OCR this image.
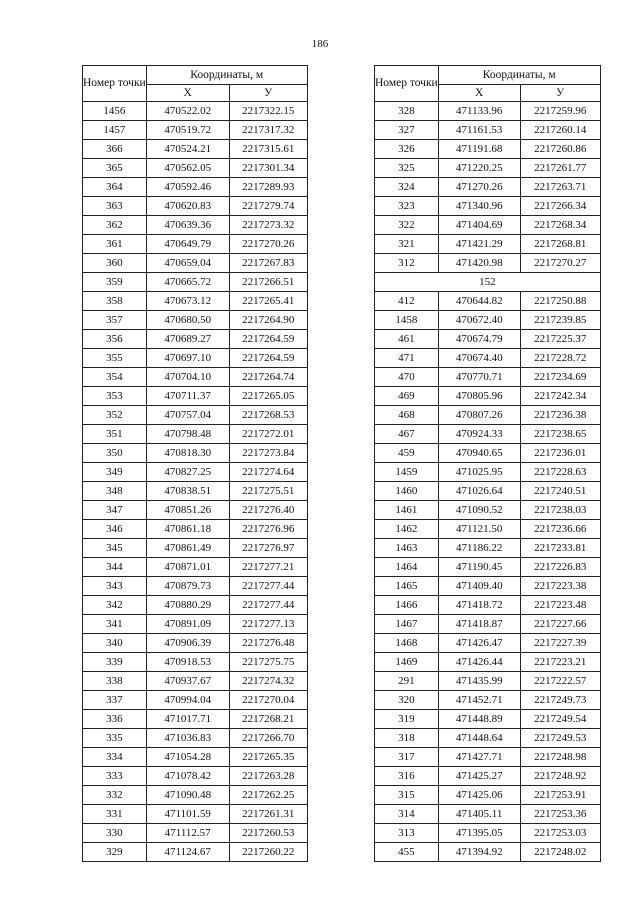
186
Номер точки	Координаты, м	
	Х	У
1456	470522.02	2217322.15
1457	470519.72	2217317.32
366	470524.21	2217315.61
365	470562.05	2217301.34
364	470592.46	2217289.93
363	470620.83	2217279.74
362	470639.36	2217273.32
361	470649.79	2217270.26
360	470659.04	2217267.83
359	470665.72	2217266.51
358	470673.12	2217265.41
357	470680.50	2217264.90
356	470689.27	2217264.59
355	470697.10	2217264.59
354	470704.10	2217264.74
353	470711.37	2217265.05
352	470757.04	2217268.53
351	470798.48	2217272.01
350	470818.30	2217273.84
349	470827.25	2217274.64
348	470838.51	2217275.51
347	470851.26	2217276.40
346	470861.18	2217276.96
345	470861.49	2217276.97
344	470871.01	2217277.21
343	470879.73	2217277.44
342	470880.29	2217277.44
341	470891.09	2217277.13
340	470906.39	2217276.48
339	470918.53	2217275.75
338	470937.67	2217274.32
337	470994.04	2217270.04
336	471017.71	2217268.21
335	471036.83	2217266.70
334	471054.28	2217265.35
333	471078.42	2217263.28
332	471090.48	2217262.25
331	471101.59	2217261.31
330	471112.57	2217260.53
329	471124.67	2217260.22
Номер точки	Координаты, м	
	Х	У
328	471133.96	2217259.96
327	471161.53	2217260.14
326	471191.68	2217260.86
325	471220.25	2217261.77
324	471270.26	2217263.71
323	471340.96	2217266.34
322	471404.69	2217268.34
321	471421.29	2217268.81
312	471420.98	2217270.27
152		
412	470644.82	2217250.88
1458	470672.40	2217239.85
461	470674.79	2217225.37
471	470674.40	2217228.72
470	470770.71	2217234.69
469	470805.96	2217242.34
468	470807.26	2217236.38
467	470924.33	2217238.65
459	470940.65	2217236.01
1459	471025.95	2217228.63
1460	471026.64	2217240.51
1461	471090.52	2217238.03
1462	471121.50	2217236.66
1463	471186.22	2217233.81
1464	471190.45	2217226.83
1465	471409.40	2217223.38
1466	471418.72	2217223.48
1467	471418.87	2217227.66
1468	471426.47	2217227.39
1469	471426.44	2217223.21
291	471435.99	2217222.57
320	471452.71	2217249.73
319	471448.89	2217249.54
318	471448.64	2217249.53
317	471427.71	2217248.98
316	471425.27	2217248.92
315	471425.06	2217253.91
314	471405.11	2217253.36
313	471395.05	2217253.03
455	471394.92	2217248.02
